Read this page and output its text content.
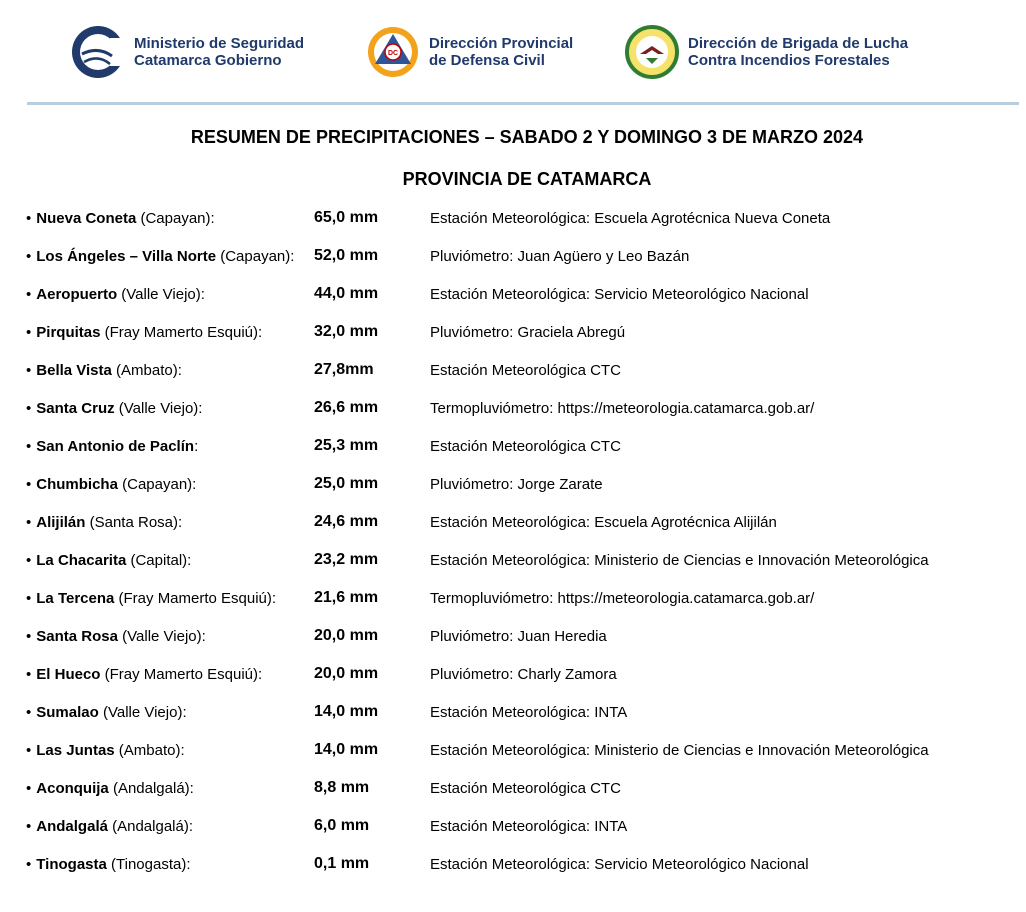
Ministerio de Seguridad
Catamarca Gobierno	DC
Dirección Provincial
de Defensa Civil
Dirección de Brigada de Lucha
Contra Incendios Forestales
RESUMEN DE PRECIPITACIONES – SABADO 2 Y DOMINGO 3 DE MARZO 2024
PROVINCIA DE CATAMARCA
• Nueva Coneta (Capayan):	65,0 mm	Estación Meteorológica: Escuela Agrotécnica Nueva Coneta
• Los Ángeles – Villa Norte (Capayan): 52,0 mm	Pluviómetro: Juan Agüero y Leo Bazán
• Aeropuerto (Valle Viejo):	44,0 mm	Estación Meteorológica: Servicio Meteorológico Nacional
• Pirquitas (Fray Mamerto Esquiú):	32,0 mm	Pluviómetro: Graciela Abregú
• Bella Vista (Ambato):	27,8mm	Estación Meteorológica CTC
• Santa Cruz (Valle Viejo):	26,6 mm	Termopluviómetro: https://meteorologia.catamarca.gob.ar/
• San Antonio de Paclín:	25,3 mm	Estación Meteorológica CTC
• Chumbicha (Capayan):	25,0 mm	Pluviómetro: Jorge Zarate
• Alijilán (Santa Rosa):	24,6 mm	Estación Meteorológica: Escuela Agrotécnica Alijilán
• La Chacarita (Capital):	23,2 mm	Estación Meteorológica: Ministerio de Ciencias e Innovación Meteorológica
• La Tercena (Fray Mamerto Esquiú): 21,6 mm	Termopluviómetro: https://meteorologia.catamarca.gob.ar/
• Santa Rosa (Valle Viejo):	20,0 mm	Pluviómetro: Juan Heredia
• El Hueco (Fray Mamerto Esquiú):	20,0 mm	Pluviómetro: Charly Zamora
• Sumalao (Valle Viejo):	14,0 mm	Estación Meteorológica: INTA
• Las Juntas (Ambato):	14,0 mm	Estación Meteorológica: Ministerio de Ciencias e Innovación Meteorológica
• Aconquija (Andalgalá):	8,8 mm	Estación Meteorológica CTC
• Andalgalá (Andalgalá):	6,0 mm	Estación Meteorológica: INTA
• Tinogasta (Tinogasta):	0,1 mm	Estación Meteorológica: Servicio Meteorológico Nacional
